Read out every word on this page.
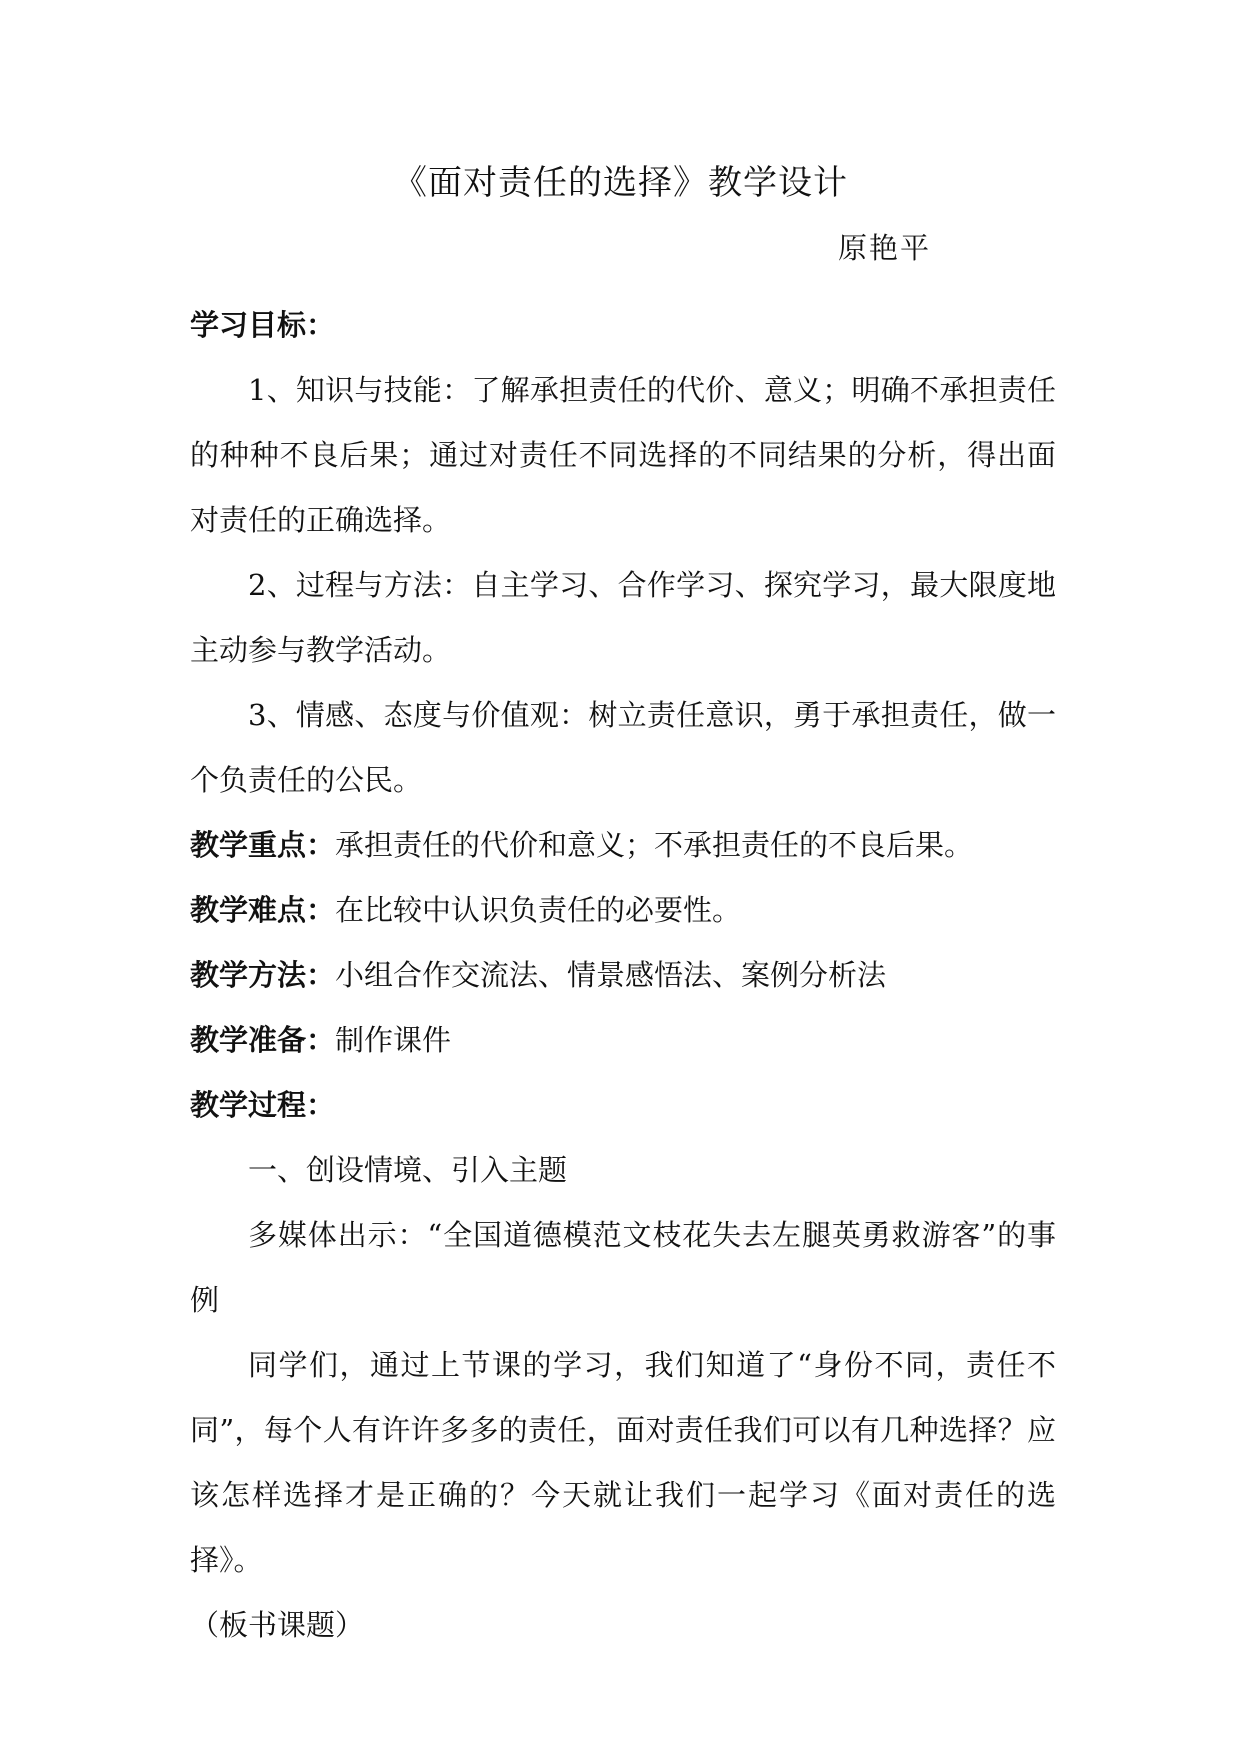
《面对责任的选择》教学设计
原艳平

学习目标：

1、知识与技能：了解承担责任的代价、意义；明确不承担责任的种种不良后果；通过对责任不同选择的不同结果的分析，得出面对责任的正确选择。

2、过程与方法：自主学习、合作学习、探究学习，最大限度地主动参与教学活动。

3、情感、态度与价值观：树立责任意识，勇于承担责任，做一个负责任的公民。

教学重点：承担责任的代价和意义；不承担责任的不良后果。

教学难点：在比较中认识负责任的必要性。

教学方法：小组合作交流法、情景感悟法、案例分析法

教学准备：制作课件

教学过程：

一、创设情境、引入主题

多媒体出示：“全国道德模范文枝花失去左腿英勇救游客”的事例

同学们，通过上节课的学习，我们知道了“身份不同，责任不同”，每个人有许许多多的责任，面对责任我们可以有几种选择？应该怎样选择才是正确的？今天就让我们一起学习《面对责任的选择》。

（板书课题）
